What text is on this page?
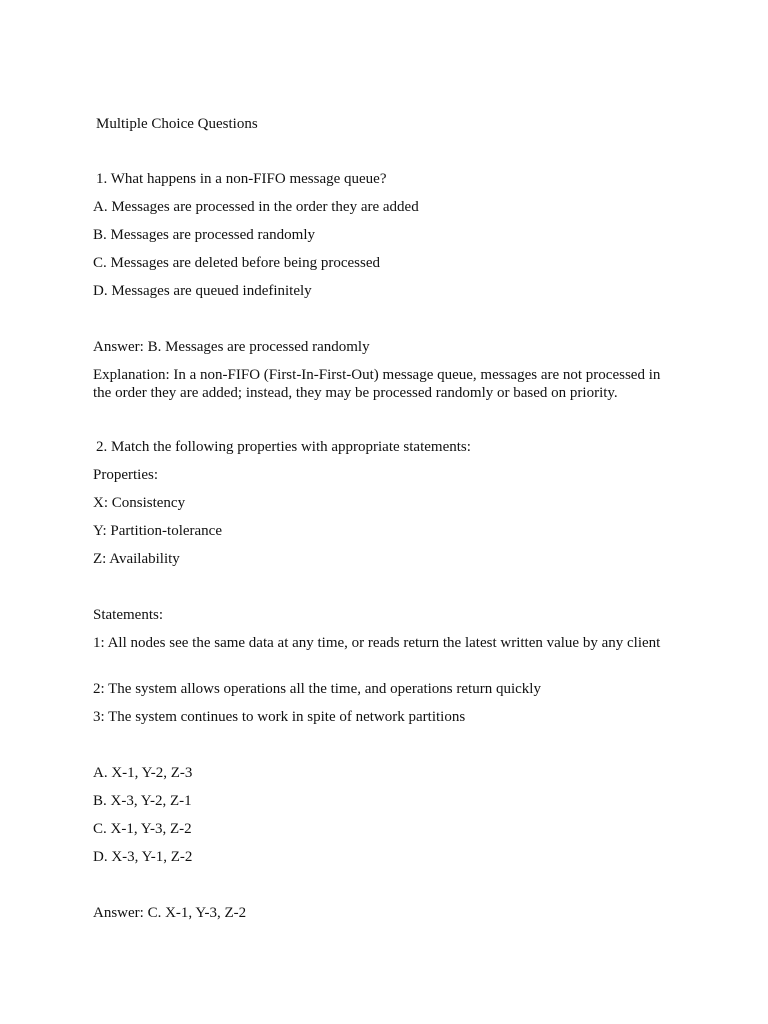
Multiple Choice Questions

1. What happens in a non-FIFO message queue?

A. Messages are processed in the order they are added

B. Messages are processed randomly

C. Messages are deleted before being processed

D. Messages are queued indefinitely

Answer: B. Messages are processed randomly

Explanation: In a non-FIFO (First-In-First-Out) message queue, messages are not processed in the order they are added; instead, they may be processed randomly or based on priority.

2. Match the following properties with appropriate statements:

Properties:

X: Consistency

Y: Partition-tolerance

Z: Availability

Statements:

1: All nodes see the same data at any time, or reads return the latest written value by any client

2: The system allows operations all the time, and operations return quickly

3: The system continues to work in spite of network partitions

A. X-1, Y-2, Z-3

B. X-3, Y-2, Z-1

C. X-1, Y-3, Z-2

D. X-3, Y-1, Z-2

Answer: C. X-1, Y-3, Z-2
